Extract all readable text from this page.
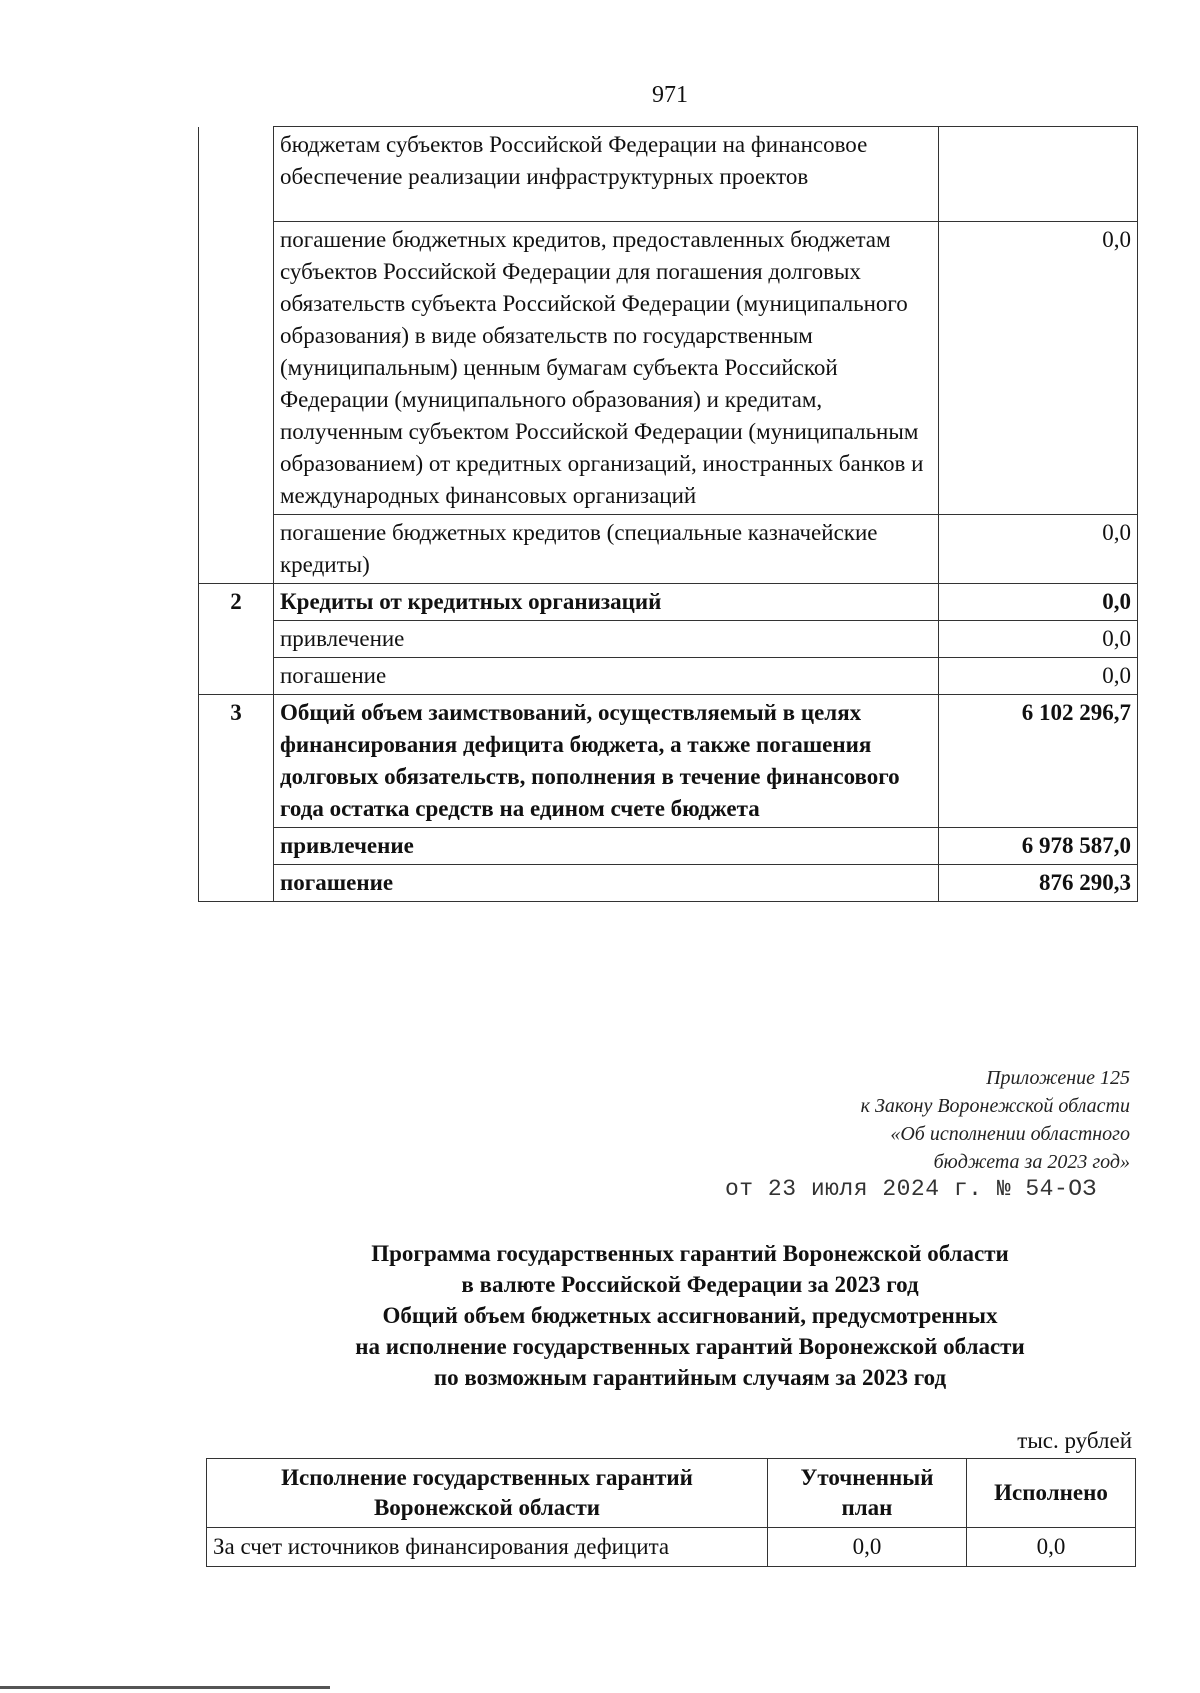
971
	бюджетам субъектов Российской Федерации на финансовое обеспечение реализации инфраструктурных проектов	
	погашение бюджетных кредитов, предоставленных бюджетам субъектов Российской Федерации для погашения долговых обязательств субъекта Российской Федерации (муниципального образования) в виде обязательств по государственным (муниципальным) ценным бумагам субъекта Российской Федерации (муниципального образования) и кредитам, полученным субъектом Российской Федерации (муниципальным образованием) от кредитных организаций, иностранных банков и международных финансовых организаций	0,0
	погашение бюджетных кредитов (специальные казначейские кредиты)	0,0
2	Кредиты от кредитных организаций	0,0
	привлечение	0,0
	погашение	0,0
3	Общий объем заимствований, осуществляемый в целях финансирования дефицита бюджета, а также погашения долговых обязательств, пополнения в течение финансового года остатка средств на едином счете бюджета	6 102 296,7
	привлечение	6 978 587,0
	погашение	876 290,3
Приложение 125
к Закону Воронежской области
«Об исполнении областного
бюджета за 2023 год»
от 23 июля 2024 г. № 54-ОЗ
Программа государственных гарантий Воронежской области
в валюте Российской Федерации за 2023 год
Общий объем бюджетных ассигнований, предусмотренных
на исполнение государственных гарантий Воронежской области
по возможным гарантийным случаям за 2023 год
тыс. рублей
Исполнение государственных гарантий Воронежской области	Уточненный план	Исполнено
За счет источников финансирования дефицита	0,0	0,0
